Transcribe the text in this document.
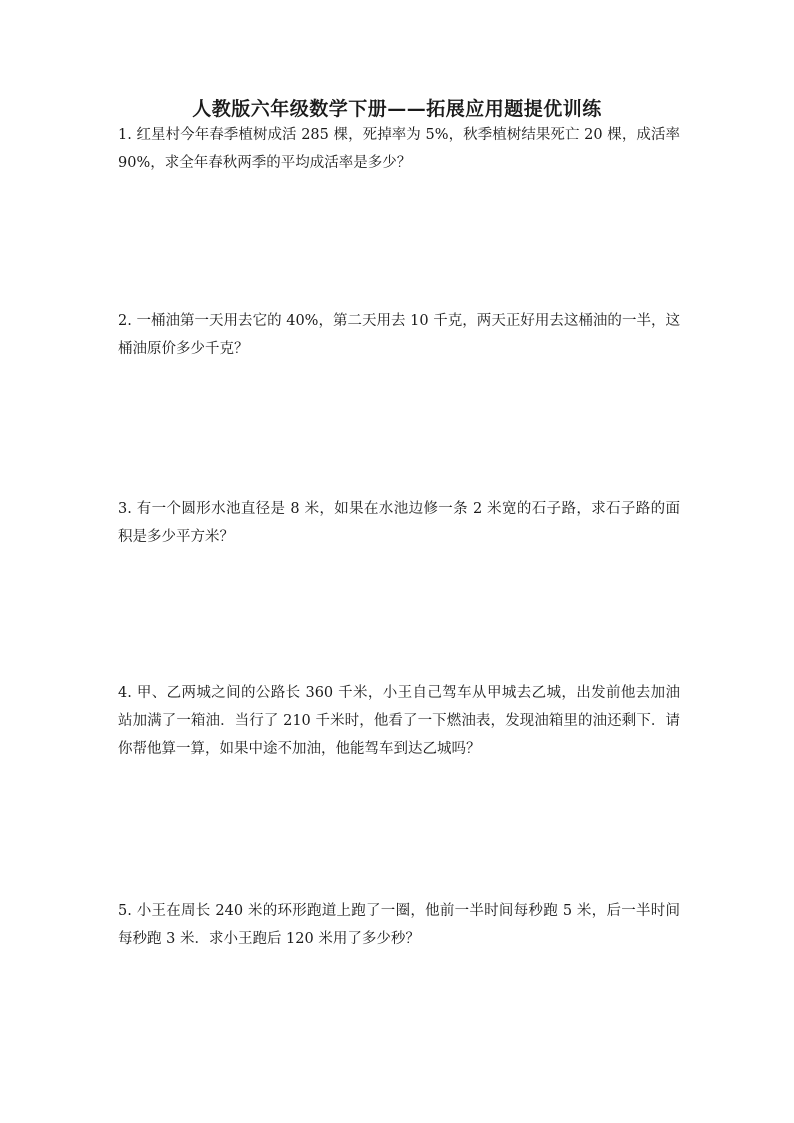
人教版六年级数学下册——拓展应用题提优训练
1. 红星村今年春季植树成活 285 棵，死掉率为 5%，秋季植树结果死亡 20 棵，成活率 90%，求全年春秋两季的平均成活率是多少？
2. 一桶油第一天用去它的 40%，第二天用去 10 千克，两天正好用去这桶油的一半，这桶油原价多少千克？
3. 有一个圆形水池直径是 8 米，如果在水池边修一条 2 米宽的石子路，求石子路的面积是多少平方米？
4. 甲、乙两城之间的公路长 360 千米，小王自己驾车从甲城去乙城，出发前他去加油站加满了一箱油．当行了 210 千米时，他看了一下燃油表，发现油箱里的油还剩下．请你帮他算一算，如果中途不加油，他能驾车到达乙城吗？
5. 小王在周长 240 米的环形跑道上跑了一圈，他前一半时间每秒跑 5 米，后一半时间每秒跑 3 米．求小王跑后 120 米用了多少秒？
